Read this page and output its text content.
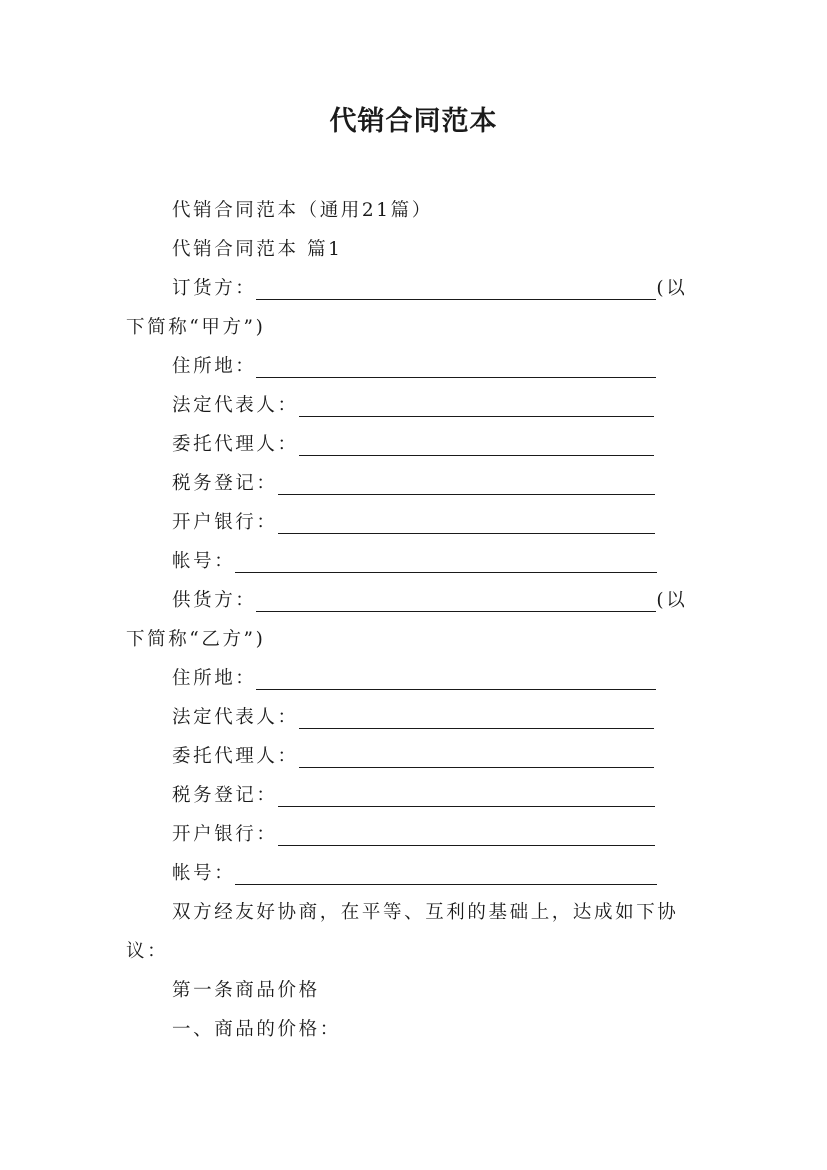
代销合同范本
代销合同范本（通用21篇）
代销合同范本 篇1
订货方：	(以
下简称“甲方”)
住所地：
法定代表人：
委托代理人：
税务登记：
开户银行：
帐号：
供货方：	(以
下简称“乙方”)
住所地：
法定代表人：
委托代理人：
税务登记：
开户银行：
帐号：
双方经友好协商，在平等、互利的基础上，达成如下协
议：
第一条商品价格
一、商品的价格：
